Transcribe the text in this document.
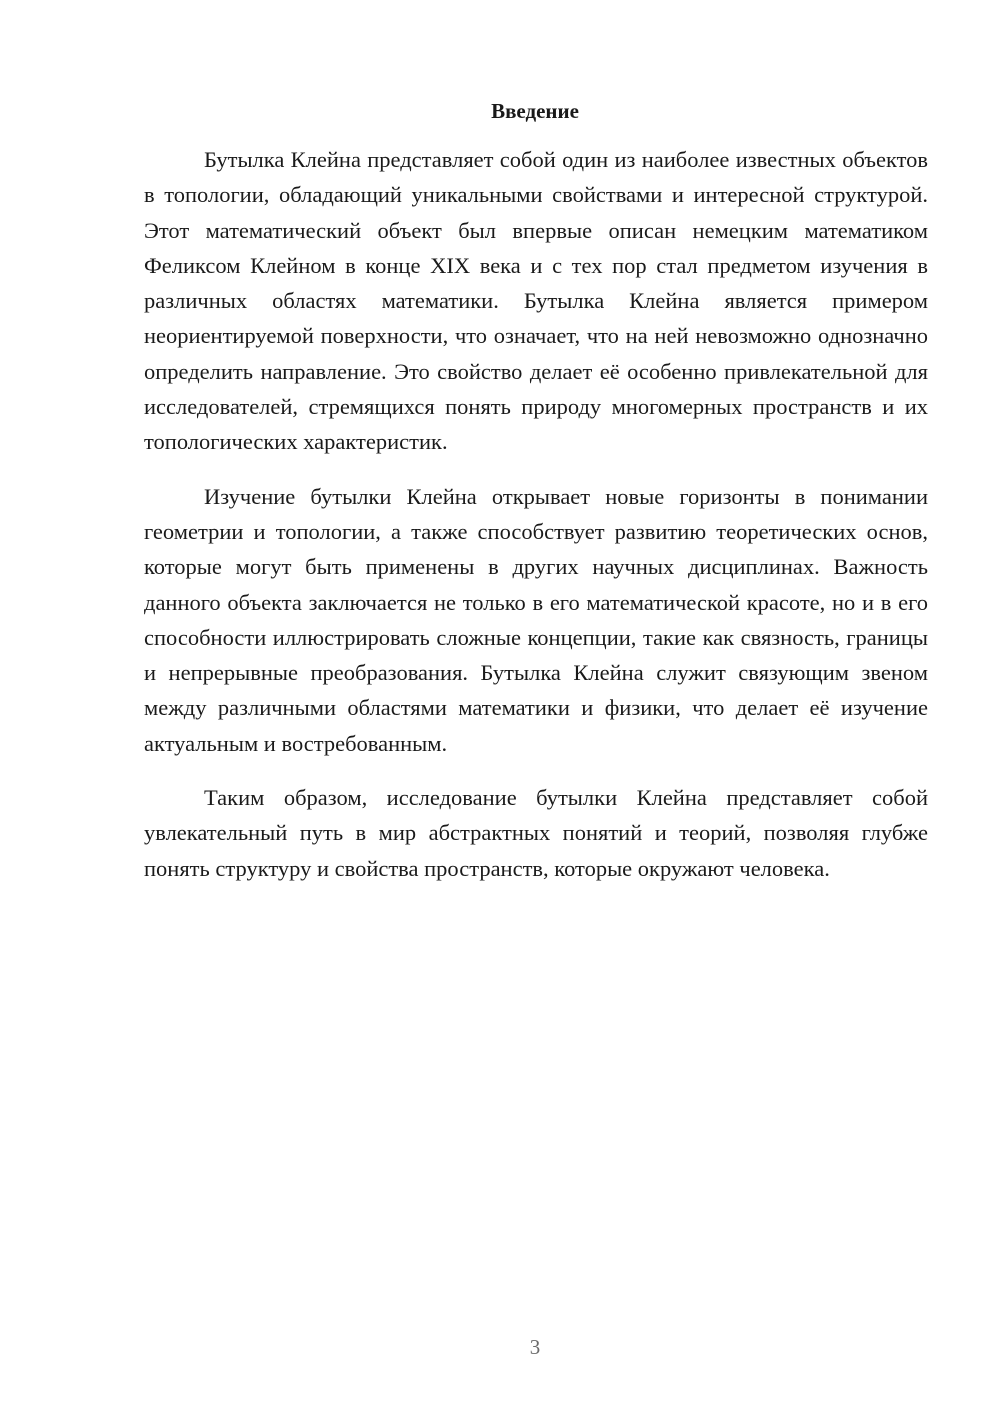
Введение

Бутылка Клейна представляет собой один из наиболее известных объектов в топологии, обладающий уникальными свойствами и интересной структурой. Этот математический объект был впервые описан немецким математиком Феликсом Клейном в конце XIX века и с тех пор стал предметом изучения в различных областях математики. Бутылка Клейна является примером неориентируемой поверхности, что означает, что на ней невозможно однозначно определить направление. Это свойство делает её особенно привлекательной для исследователей, стремящихся понять природу многомерных пространств и их топологических характеристик.

Изучение бутылки Клейна открывает новые горизонты в понимании геометрии и топологии, а также способствует развитию теоретических основ, которые могут быть применены в других научных дисциплинах. Важность данного объекта заключается не только в его математической красоте, но и в его способности иллюстрировать сложные концепции, такие как связность, границы и непрерывные преобразования. Бутылка Клейна служит связующим звеном между различными областями математики и физики, что делает её изучение актуальным и востребованным.

Таким образом, исследование бутылки Клейна представляет собой увлекательный путь в мир абстрактных понятий и теорий, позволяя глубже понять структуру и свойства пространств, которые окружают человека.

3
